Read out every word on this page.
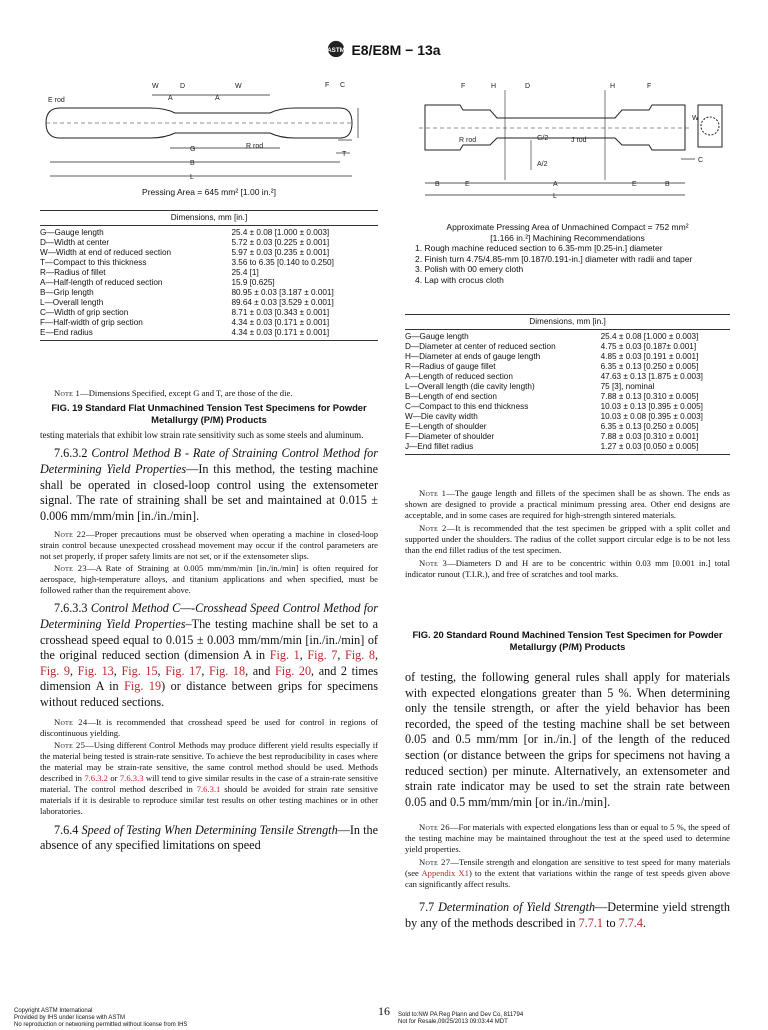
ASTM E8/E8M − 13a
W	D	W	F C
A	A
E rod
G	R rod
T
B
L
Pressing Area = 645 mm² [1.00 in.²]
Dimensions, mm [in.]	
G—Gauge length	25.4 ± 0.08 [1.000 ± 0.003]
D—Width at center	5.72 ± 0.03 [0.225 ± 0.001]
W—Width at end of reduced section	5.97 ± 0.03 [0.235 ± 0.001]
T—Compact to this thickness	3.56 to 6.35 [0.140 to 0.250]
R—Radius of fillet	25.4 [1]
A—Half-length of reduced section	15.9 [0.625]
B—Grip length	80.95 ± 0.03 [3.187 ± 0.001]
L—Overall length	89.64 ± 0.03 [3.529 ± 0.001]
C—Width of grip section	8.71 ± 0.03 [0.343 ± 0.001]
F—Half-width of grip section	4.34 ± 0.03 [0.171 ± 0.001]
E—End radius	4.34 ± 0.03 [0.171 ± 0.001]
Note 1—Dimensions Specified, except G and T, are those of the die.
FIG. 19 Standard Flat Unmachined Tension Test Specimens for Powder Metallurgy (P/M) Products
F	H	D	H	F
W
R rod	G/2	J rod
A/2
C
B	E	A	E	B
L
Approximate Pressing Area of Unmachined Compact = 752 mm²
[1.166 in.²] Machining Recommendations
1. Rough machine reduced section to 6.35-mm [0.25-in.] diameter
2. Finish turn 4.75/4.85-mm [0.187/0.191-in.] diameter with radii and taper
3. Polish with 00 emery cloth
4. Lap with crocus cloth
Dimensions, mm [in.]	
G—Gauge length	25.4 ± 0.08 [1.000 ± 0.003]
D—Diameter at center of reduced section	4.75 ± 0.03 [0.187± 0.001]
H—Diameter at ends of gauge length	4.85 ± 0.03 [0.191 ± 0.001]
R—Radius of gauge fillet	6.35 ± 0.13 [0.250 ± 0.005]
A—Length of reduced section	47.63 ± 0.13 [1.875 ± 0.003]
L—Overall length (die cavity length)	75 [3], nominal
B—Length of end section	7.88 ± 0.13 [0.310 ± 0.005]
C—Compact to this end thickness	10.03 ± 0.13 [0.395 ± 0.005]
W—Die cavity width	10.03 ± 0.08 [0.395 ± 0.003]
E—Length of shoulder	6.35 ± 0.13 [0.250 ± 0.005]
F—Diameter of shoulder	7.88 ± 0.03 [0.310 ± 0.001]
J—End fillet radius	1.27 ± 0.03 [0.050 ± 0.005]

Note 1—The gauge length and fillets of the specimen shall be as shown. The ends as shown are designed to provide a practical minimum pressing area. Other end designs are acceptable, and in some cases are required for high-strength sintered materials.

Note 2—It is recommended that the test specimen be gripped with a split collet and supported under the shoulders. The radius of the collet support circular edge is to be not less than the end fillet radius of the test specimen.

Note 3—Diameters D and H are to be concentric within 0.03 mm [0.001 in.] total indicator runout (T.I.R.), and free of scratches and tool marks.

FIG. 20 Standard Round Machined Tension Test Specimen for Powder Metallurgy (P/M) Products
testing materials that exhibit low strain rate sensitivity such as some steels and aluminum.

7.6.3.2 Control Method B - Rate of Straining Control Method for Determining Yield Properties—In this method, the testing machine shall be operated in closed-loop control using the extensometer signal. The rate of straining shall be set and maintained at 0.015 ± 0.006 mm/mm/min [in./in./min].

Note 22—Proper precautions must be observed when operating a machine in closed-loop strain control because unexpected crosshead movement may occur if the control parameters are not set properly, if proper safety limits are not set, or if the extensometer slips.

Note 23—A Rate of Straining at 0.005 mm/mm/min [in./in./min] is often required for aerospace, high-temperature alloys, and titanium applications and when specified, must be followed rather than the requirement above.

7.6.3.3 Control Method C—-Crosshead Speed Control Method for Determining Yield Properties–The testing machine shall be set to a crosshead speed equal to 0.015 ± 0.003 mm/mm/min [in./in./min] of the original reduced section (dimension A in Fig. 1, Fig. 7, Fig. 8, Fig. 9, Fig. 13, Fig. 15, Fig. 17, Fig. 18, and Fig. 20, and 2 times dimension A in Fig. 19) or distance between grips for specimens without reduced sections.

Note 24—It is recommended that crosshead speed be used for control in regions of discontinuous yielding.

Note 25—Using different Control Methods may produce different yield results especially if the material being tested is strain-rate sensitive. To achieve the best reproducibility in cases where the material may be strain-rate sensitive, the same control method should be used. Methods described in 7.6.3.2 or 7.6.3.3 will tend to give similar results in the case of a strain-rate sensitive material. The control method described in 7.6.3.1 should be avoided for strain rate sensitive materials if it is desirable to reproduce similar test results on other testing machines or in other laboratories.

7.6.4 Speed of Testing When Determining Tensile Strength—In the absence of any specified limitations on speed

of testing, the following general rules shall apply for materials with expected elongations greater than 5 %. When determining only the tensile strength, or after the yield behavior has been recorded, the speed of the testing machine shall be set between 0.05 and 0.5 mm/mm [or in./in.] of the length of the reduced section (or distance between the grips for specimens not having a reduced section) per minute. Alternatively, an extensometer and strain rate indicator may be used to set the strain rate between 0.05 and 0.5 mm/mm/min [or in./in./min].

Note 26—For materials with expected elongations less than or equal to 5 %, the speed of the testing machine may be maintained throughout the test at the speed used to determine yield properties.

Note 27—Tensile strength and elongation are sensitive to test speed for many materials (see Appendix X1) to the extent that variations within the range of test speeds given above can significantly affect results.

7.7 Determination of Yield Strength—Determine yield strength by any of the methods described in 7.7.1 to 7.7.4.

Copyright ASTM International
Provided by IHS under license with ASTM
No reproduction or networking permitted without license from IHS
16	Sold to:NW PA Reg Plann and Dev Co, 811794
Not for Resale,09/25/2013 09:03:44 MDT
